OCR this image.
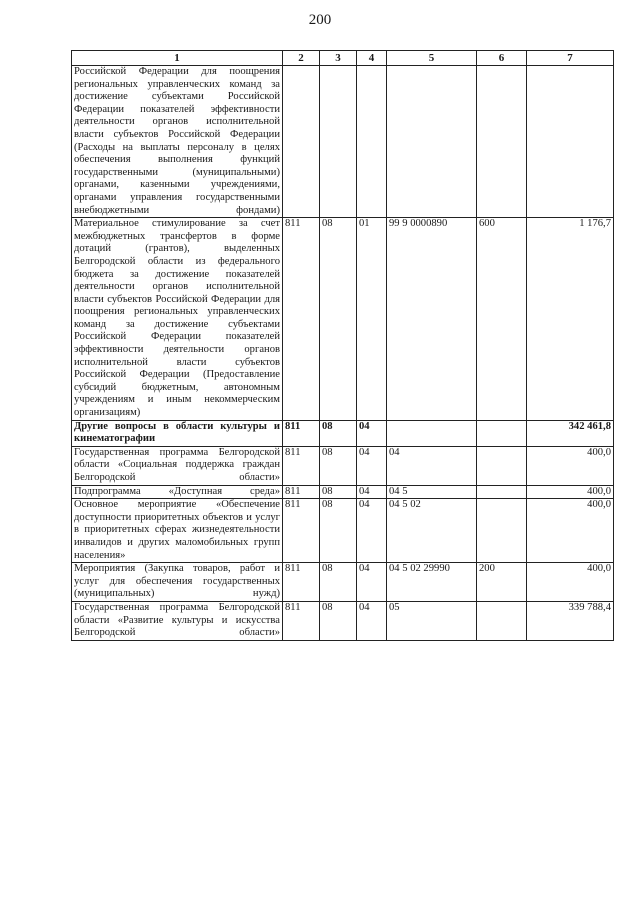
200
1	2	3	4	5	6	7
Российской Федерации для поощрения региональных управленческих команд за достижение субъектами Российской Федерации показателей эффективности деятельности органов исполнительной власти субъектов Российской Федерации (Расходы на выплаты персоналу в целях обеспечения выполнения функций государственными (муниципальными) органами, казенными учреждениями, органами управления государственными внебюджетными фондами)						
Материальное стимулирование за счет межбюджетных трансфертов в форме дотаций (грантов), выделенных Белгородской области из федерального бюджета за достижение показателей деятельности органов исполнительной власти субъектов Российской Федерации для поощрения региональных управленческих команд за достижение субъектами Российской Федерации показателей эффективности деятельности органов исполнительной власти субъектов Российской Федерации (Предоставление субсидий бюджетным, автономным учреждениям и иным некоммерческим организациям)	811	08	01	99 9 0000890	600	1 176,7
Другие вопросы в области культуры и кинематографии	811	08	04			342 461,8
Государственная программа Белгородской области «Социальная поддержка граждан Белгородской области»	811	08	04	04		400,0
Подпрограмма «Доступная среда»	811	08	04	04 5		400,0
Основное мероприятие «Обеспечение доступности приоритетных объектов и услуг в приоритетных сферах жизнедеятельности инвалидов и других маломобильных групп населения»	811	08	04	04 5 02		400,0
Мероприятия (Закупка товаров, работ и услуг для обеспечения государственных (муниципальных) нужд)	811	08	04	04 5 02 29990	200	400,0
Государственная программа Белгородской области «Развитие культуры и искусства Белгородской области»	811	08	04	05		339 788,4
